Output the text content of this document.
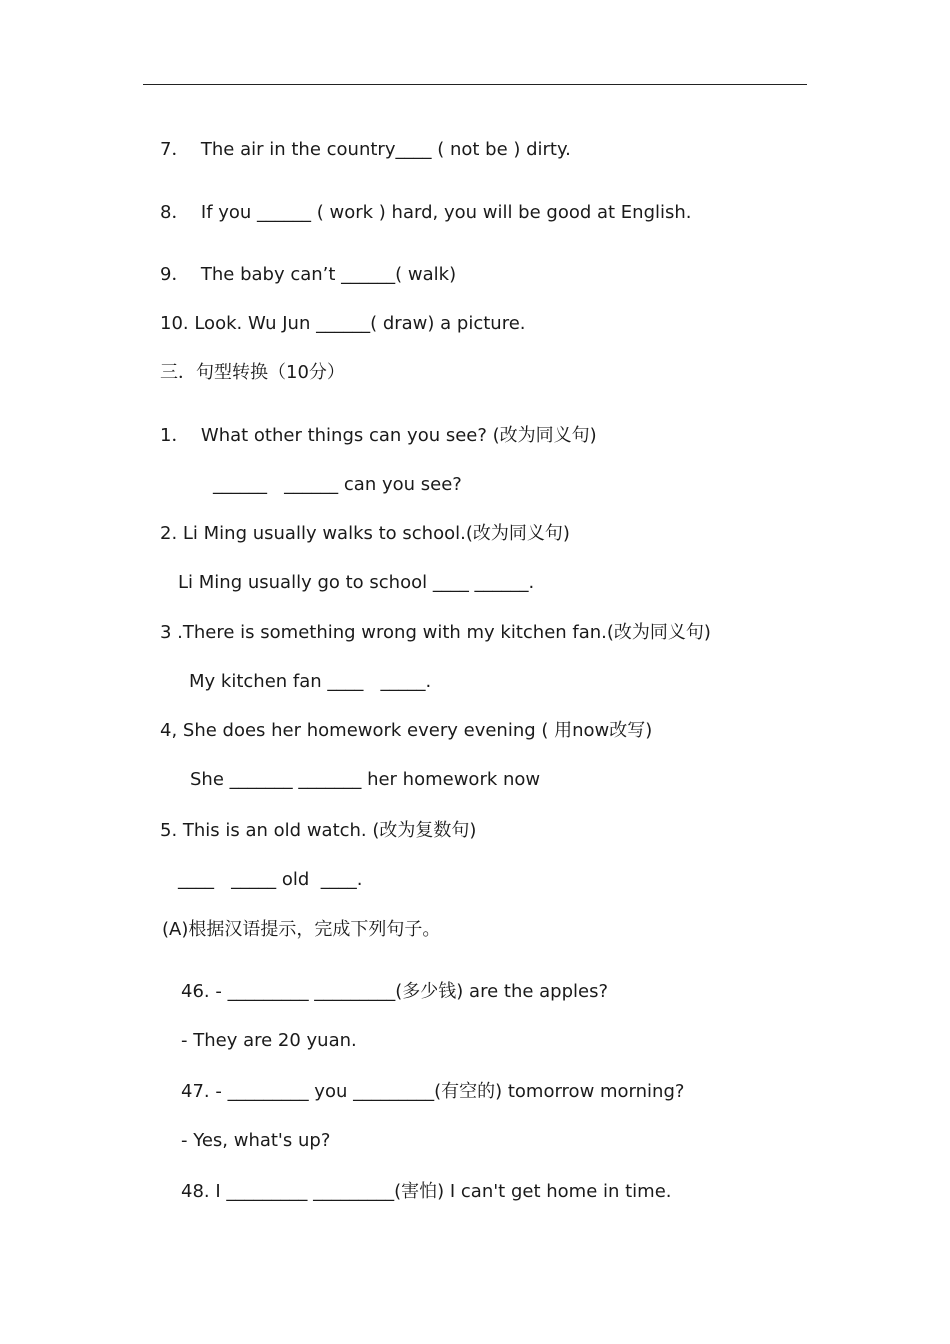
7．  The air in the country____ ( not be ) dirty.
8．  If you ______ ( work ) hard, you will be good at English.
9．  The baby can’t ______( walk)
10. Look. Wu Jun ______( draw) a picture.
三．句型转换（10分）
1．  What other things can you see? (改为同义句)
______   ______ can you see?
2. Li Ming usually walks to school.(改为同义句)
Li Ming usually go to school ____ ______.
3 .There is something wrong with my kitchen fan.(改为同义句)
My kitchen fan ____   _____.
4, She does her homework every evening ( 用now改写)
She _______ _______ her homework now
5. This is an old watch. (改为复数句)
____   _____ old  ____.
(A)根据汉语提示，完成下列句子。
46. - _________ _________(多少钱) are the apples?
- They are 20 yuan.
47. - _________ you _________(有空的) tomorrow morning?
- Yes, what's up?
48. I _________ _________(害怕) I can't get home in time.
